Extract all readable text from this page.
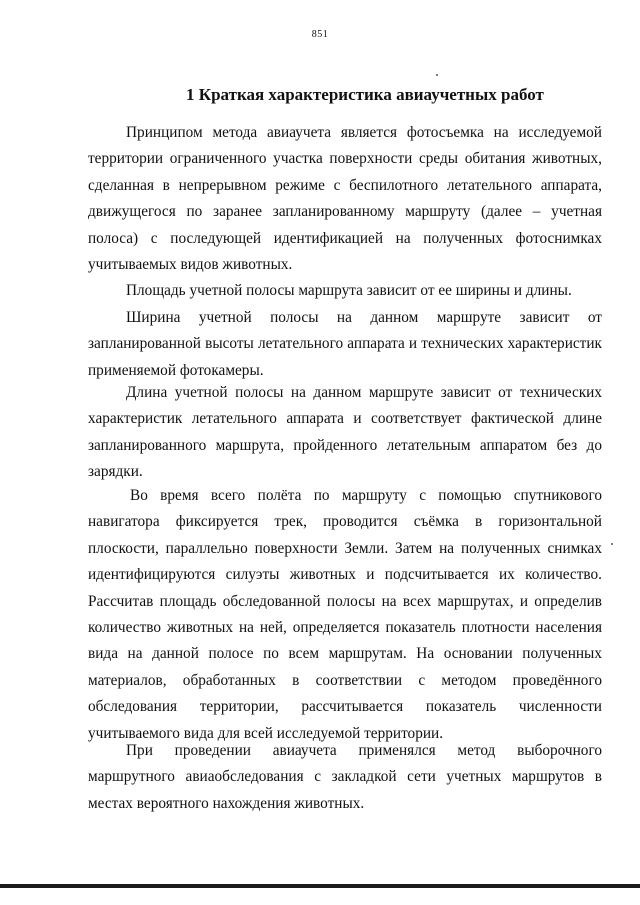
851
1 Краткая характеристика авиаучетных работ

Принципом метода авиаучета является фотосъемка на исследуемой территории ограниченного участка поверхности среды обитания животных, сделанная в непрерывном режиме с беспилотного летательного аппарата, движущегося по заранее запланированному маршруту (далее – учетная полоса) с последующей идентификацией на полученных фотоснимках учитываемых видов животных.

Площадь учетной полосы маршрута зависит от ее ширины и длины.

Ширина учетной полосы на данном маршруте зависит от запланированной высоты летательного аппарата и технических характеристик применяемой фотокамеры.

Длина учетной полосы на данном маршруте зависит от технических характеристик летательного аппарата и соответствует фактической длине запланированного маршрута, пройденного летательным аппаратом без до зарядки.

Во время всего полёта по маршруту с помощью спутникового навигатора фиксируется трек, проводится съёмка в горизонтальной плоскости, параллельно поверхности Земли. Затем на полученных снимках идентифицируются силуэты животных и подсчитывается их количество. Рассчитав площадь обследованной полосы на всех маршрутах, и определив количество животных на ней, определяется показатель плотности населения вида на данной полосе по всем маршрутам. На основании полученных материалов, обработанных в соответствии с методом проведённого обследования территории, рассчитывается показатель численности учитываемого вида для всей исследуемой территории.

При проведении авиаучета применялся метод выборочного маршрутного авиаобследования с закладкой сети учетных маршрутов в местах вероятного нахождения животных.
